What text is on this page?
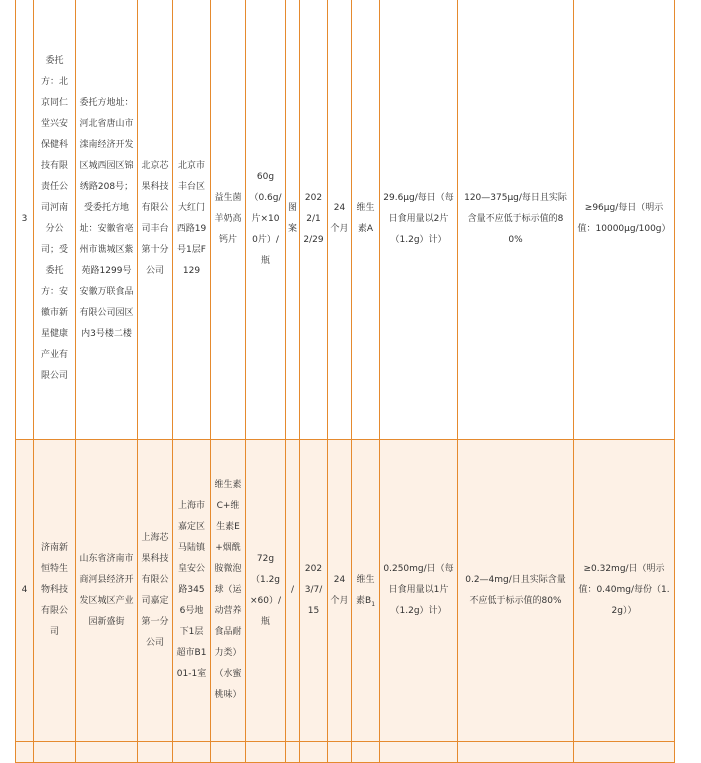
3	委托方：北京同仁堂兴安保健科技有限责任公司河南分公司；受委托方：安徽市新星健康产业有限公司	委托方地址：河北省唐山市滦南经济开发区城西园区锦绣路208号；受委托方地址：安徽省亳州市谯城区紫苑路1299号安徽万联食品有限公司园区内3号楼二楼	北京芯果科技有限公司丰台第十分公司	北京市丰台区大红门西路19号1层F129	益生菌羊奶高钙片	60g（0.6g/片×100片）/瓶	图案	2022/12/29	24个月	维生素A	29.6μg/每日（每日食用量以2片（1.2g）计）	120—375μg/每日且实际含量不应低于标示值的80%	≥96μg/每日（明示值：10000μg/100g）

4	济南新恒特生物科技有限公司	山东省济南市商河县经济开发区城区产业园新盛街	上海芯果科技有限公司嘉定第一分公司	上海市嘉定区马陆镇皇安公路3456号地下1层超市B101-1室	维生素C+维生素E+烟酰胺微泡球（运动营养食品耐力类）（水蜜桃味）	72g（1.2g×60）/瓶	/	2023/7/15	24个月	维生素$B_1$	0.250mg/日（每日食用量以1片（1.2g）计）	0.2—4mg/日且实际含量不应低于标示值的80%	≥0.32mg/日（明示值：0.40mg/每份（1.2g））
